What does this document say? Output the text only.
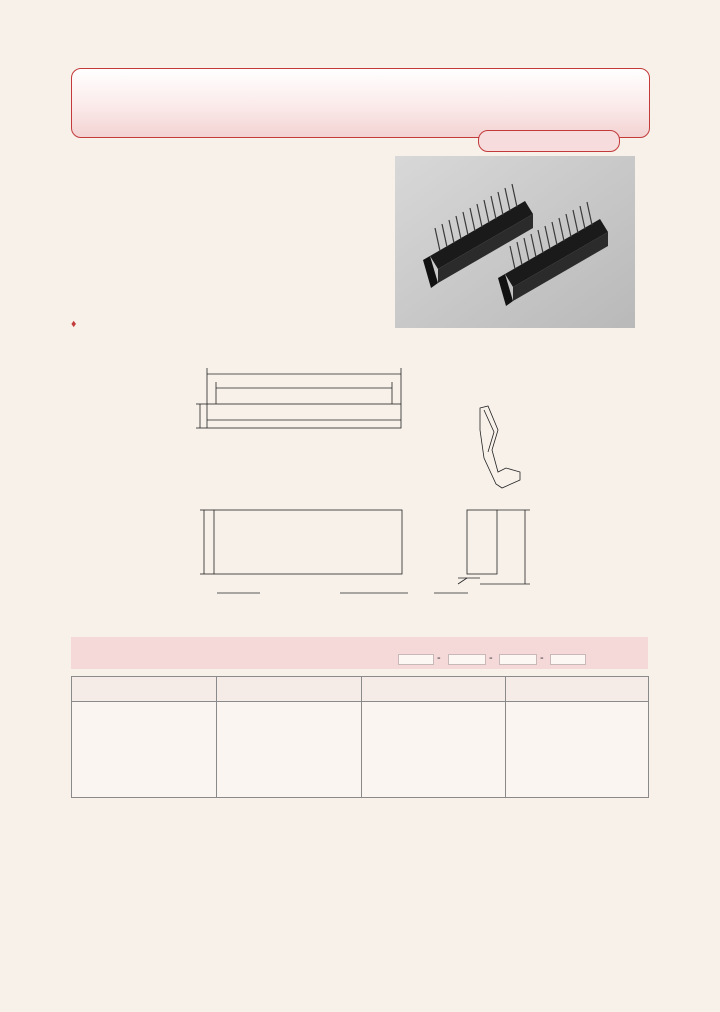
♦
-	-	-
